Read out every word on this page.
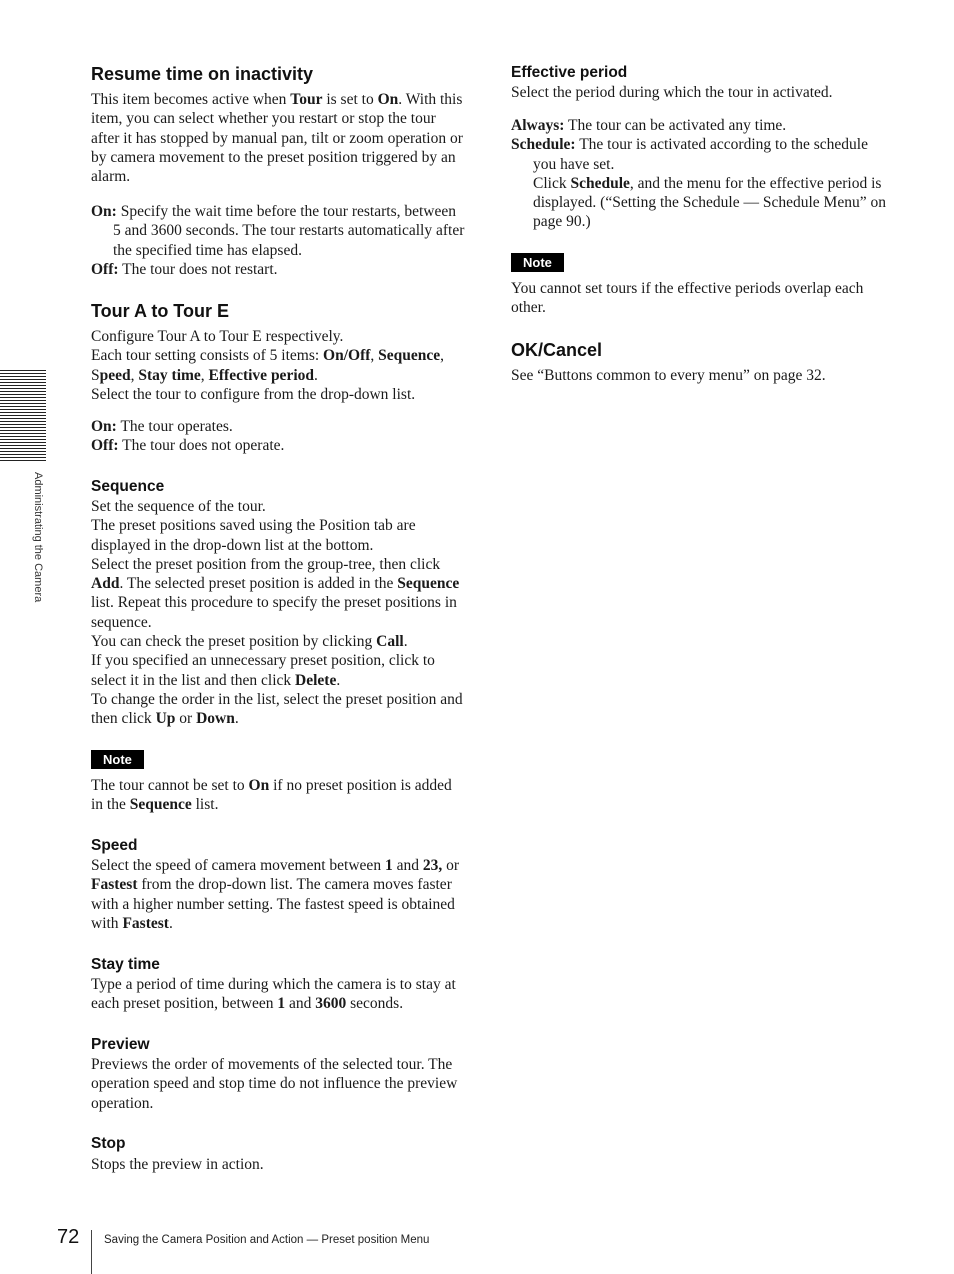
Administrating the Camera
Resume time on inactivity

This item becomes active when Tour is set to On. With this item, you can select whether you restart or stop the tour after it has stopped by manual pan, tilt or zoom operation or by camera movement to the preset position triggered by an alarm.

On: Specify the wait time before the tour restarts, between 5 and 3600 seconds. The tour restarts automatically after the specified time has elapsed.

Off: The tour does not restart.

Tour A to Tour E

Configure Tour A to Tour E respectively.
Each tour setting consists of 5 items: On/Off, Sequence, Speed, Stay time, Effective period.
Select the tour to configure from the drop-down list.

On: The tour operates.
Off: The tour does not operate.

Sequence

Set the sequence of the tour.
The preset positions saved using the Position tab are displayed in the drop-down list at the bottom.
Select the preset position from the group-tree, then click Add. The selected preset position is added in the Sequence list. Repeat this procedure to specify the preset positions in sequence.
You can check the preset position by clicking Call.
If you specified an unnecessary preset position, click to select it in the list and then click Delete.
To change the order in the list, select the preset position and then click Up or Down.

Note

The tour cannot be set to On if no preset position is added in the Sequence list.

Speed

Select the speed of camera movement between 1 and 23, or Fastest from the drop-down list. The camera moves faster with a higher number setting. The fastest speed is obtained with Fastest.

Stay time

Type a period of time during which the camera is to stay at each preset position, between 1 and 3600 seconds.

Preview

Previews the order of movements of the selected tour. The operation speed and stop time do not influence the preview operation.

Stop

Stops the preview in action.

Effective period

Select the period during which the tour in activated.

Always: The tour can be activated any time.

Schedule: The tour is activated according to the schedule you have set.

Click Schedule, and the menu for the effective period is displayed. (“Setting the Schedule — Schedule Menu” on page 90.)

Note

You cannot set tours if the effective periods overlap each other.

OK/Cancel

See “Buttons common to every menu” on page 32.

72 Saving the Camera Position and Action — Preset position Menu
